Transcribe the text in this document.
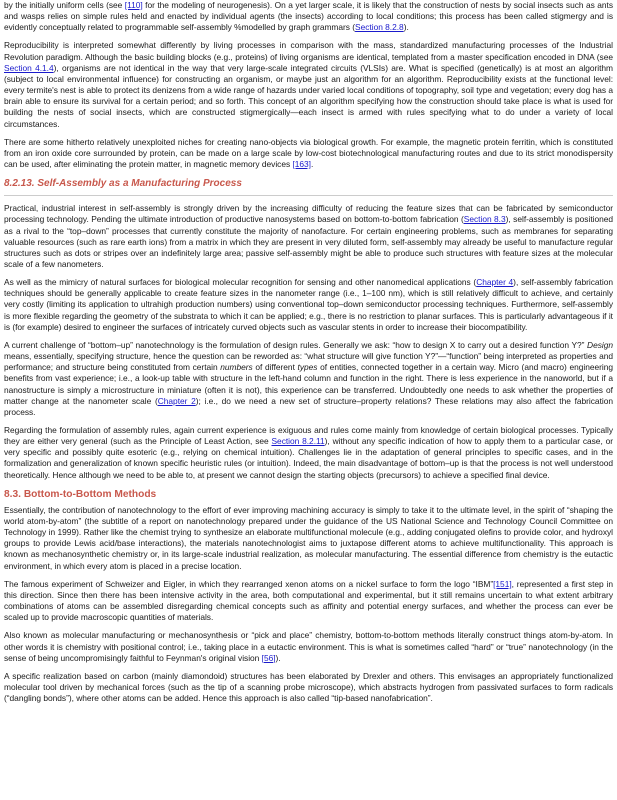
by the initially uniform cells (see [110] for the modeling of neurogenesis). On a yet larger scale, it is likely that the construction of nests by social insects such as ants and wasps relies on simple rules held and enacted by individual agents (the insects) according to local conditions; this process has been called stigmergy and is evidently conceptually related to programmable self-assembly %modelled by graph grammars (Section 8.2.8).

Reproducibility is interpreted somewhat differently by living processes in comparison with the mass, standardized manufacturing processes of the Industrial Revolution paradigm. Although the basic building blocks (e.g., proteins) of living organisms are identical, templated from a master specification encoded in DNA (see Section 4.1.4), organisms are not identical in the way that very large-scale integrated circuits (VLSIs) are. What is specified (genetically) is at most an algorithm (subject to local environmental influence) for constructing an organism, or maybe just an algorithm for an algorithm. Reproducibility exists at the functional level: every termite's nest is able to protect its denizens from a wide range of hazards under varied local conditions of topography, soil type and vegetation; every dog has a brain able to ensure its survival for a certain period; and so forth. This concept of an algorithm specifying how the construction should take place is what is used for building the nests of social insects, which are constructed stigmergically—each insect is armed with rules specifying what to do under a variety of local circumstances.

There are some hitherto relatively unexploited niches for creating nano-objects via biological growth. For example, the magnetic protein ferritin, which is constituted from an iron oxide core surrounded by protein, can be made on a large scale by low-cost biotechnological manufacturing routes and due to its strict monodispersity can be used, after eliminating the protein matter, in magnetic memory devices [163].

8.2.13. Self-Assembly as a Manufacturing Process

Practical, industrial interest in self-assembly is strongly driven by the increasing difficulty of reducing the feature sizes that can be fabricated by semiconductor processing technology. Pending the ultimate introduction of productive nanosystems based on bottom-to-bottom fabrication (Section 8.3), self-assembly is positioned as a rival to the “top–down” processes that currently constitute the majority of nanofacture. For certain engineering problems, such as membranes for separating valuable resources (such as rare earth ions) from a matrix in which they are present in very diluted form, self-assembly may already be useful to manufacture regular structures such as dots or stripes over an indefinitely large area; passive self-assembly might be able to produce such structures with feature sizes at the molecular scale of a few nanometers.

As well as the mimicry of natural surfaces for biological molecular recognition for sensing and other nanomedical applications (Chapter 4), self-assembly fabrication techniques should be generally applicable to create feature sizes in the nanometer range (i.e., 1–100 nm), which is still relatively difficult to achieve, and certainly very costly (limiting its application to ultrahigh production numbers) using conventional top–down semiconductor processing techniques. Furthermore, self-assembly is more flexible regarding the geometry of the substrata to which it can be applied; e.g., there is no restriction to planar surfaces. This is particularly advantageous if it is (for example) desired to engineer the surfaces of intricately curved objects such as vascular stents in order to increase their biocompatibility.

A current challenge of “bottom–up” nanotechnology is the formulation of design rules. Generally we ask: “how to design X to carry out a desired function Y?” Design means, essentially, specifying structure, hence the question can be reworded as: “what structure will give function Y?”—“function” being interpreted as properties and performance; and structure being constituted from certain numbers of different types of entities, connected together in a certain way. Micro (and macro) engineering benefits from vast experience; i.e., a look-up table with structure in the left-hand column and function in the right. There is less experience in the nanoworld, but if a nanostructure is simply a microstructure in miniature (often it is not), this experience can be transferred. Undoubtedly one needs to ask whether the properties of matter change at the nanometer scale (Chapter 2); i.e., do we need a new set of structure–property relations? These relations may also affect the fabrication process.

Regarding the formulation of assembly rules, again current experience is exiguous and rules come mainly from knowledge of certain biological processes. Typically they are either very general (such as the Principle of Least Action, see Section 8.2.11), without any specific indication of how to apply them to a particular case, or very specific and possibly quite esoteric (e.g., relying on chemical intuition). Challenges lie in the adaptation of general principles to specific cases, and in the formalization and generalization of known specific heuristic rules (or intuition). Indeed, the main disadvantage of bottom–up is that the process is not well understood theoretically. Hence although we need to be able to, at present we cannot design the starting objects (precursors) to achieve a specified final device.

8.3. Bottom-to-Bottom Methods

Essentially, the contribution of nanotechnology to the effort of ever improving machining accuracy is simply to take it to the ultimate level, in the spirit of “shaping the world atom-by-atom” (the subtitle of a report on nanotechnology prepared under the guidance of the US National Science and Technology Council Committee on Technology in 1999). Rather like the chemist trying to synthesize an elaborate multifunctional molecule (e.g., adding conjugated olefins to provide color, and hydroxyl groups to provide Lewis acid/base interactions), the materials nanotechnologist aims to juxtapose different atoms to achieve multifunctionality. This approach is known as mechanosynthetic chemistry or, in its large-scale industrial realization, as molecular manufacturing. The essential difference from chemistry is the eutactic environment, in which every atom is placed in a precise location.

The famous experiment of Schweizer and Eigler, in which they rearranged xenon atoms on a nickel surface to form the logo “IBM”[151], represented a first step in this direction. Since then there has been intensive activity in the area, both computational and experimental, but it still remains uncertain to what extent arbitrary combinations of atoms can be assembled disregarding chemical concepts such as affinity and potential energy surfaces, and whether the process can ever be scaled up to provide macroscopic quantities of materials.

Also known as molecular manufacturing or mechanosynthesis or “pick and place” chemistry, bottom-to-bottom methods literally construct things atom-by-atom. In other words it is chemistry with positional control; i.e., taking place in a eutactic environment. This is what is sometimes called “hard” or “true” nanotechnology (in the sense of being uncompromisingly faithful to Feynman's original vision [56]).

A specific realization based on carbon (mainly diamondoid) structures has been elaborated by Drexler and others. This envisages an appropriately functionalized molecular tool driven by mechanical forces (such as the tip of a scanning probe microscope), which abstracts hydrogen from passivated surfaces to form radicals (“dangling bonds”), where other atoms can be added. Hence this approach is also called “tip-based nanofabrication”.
